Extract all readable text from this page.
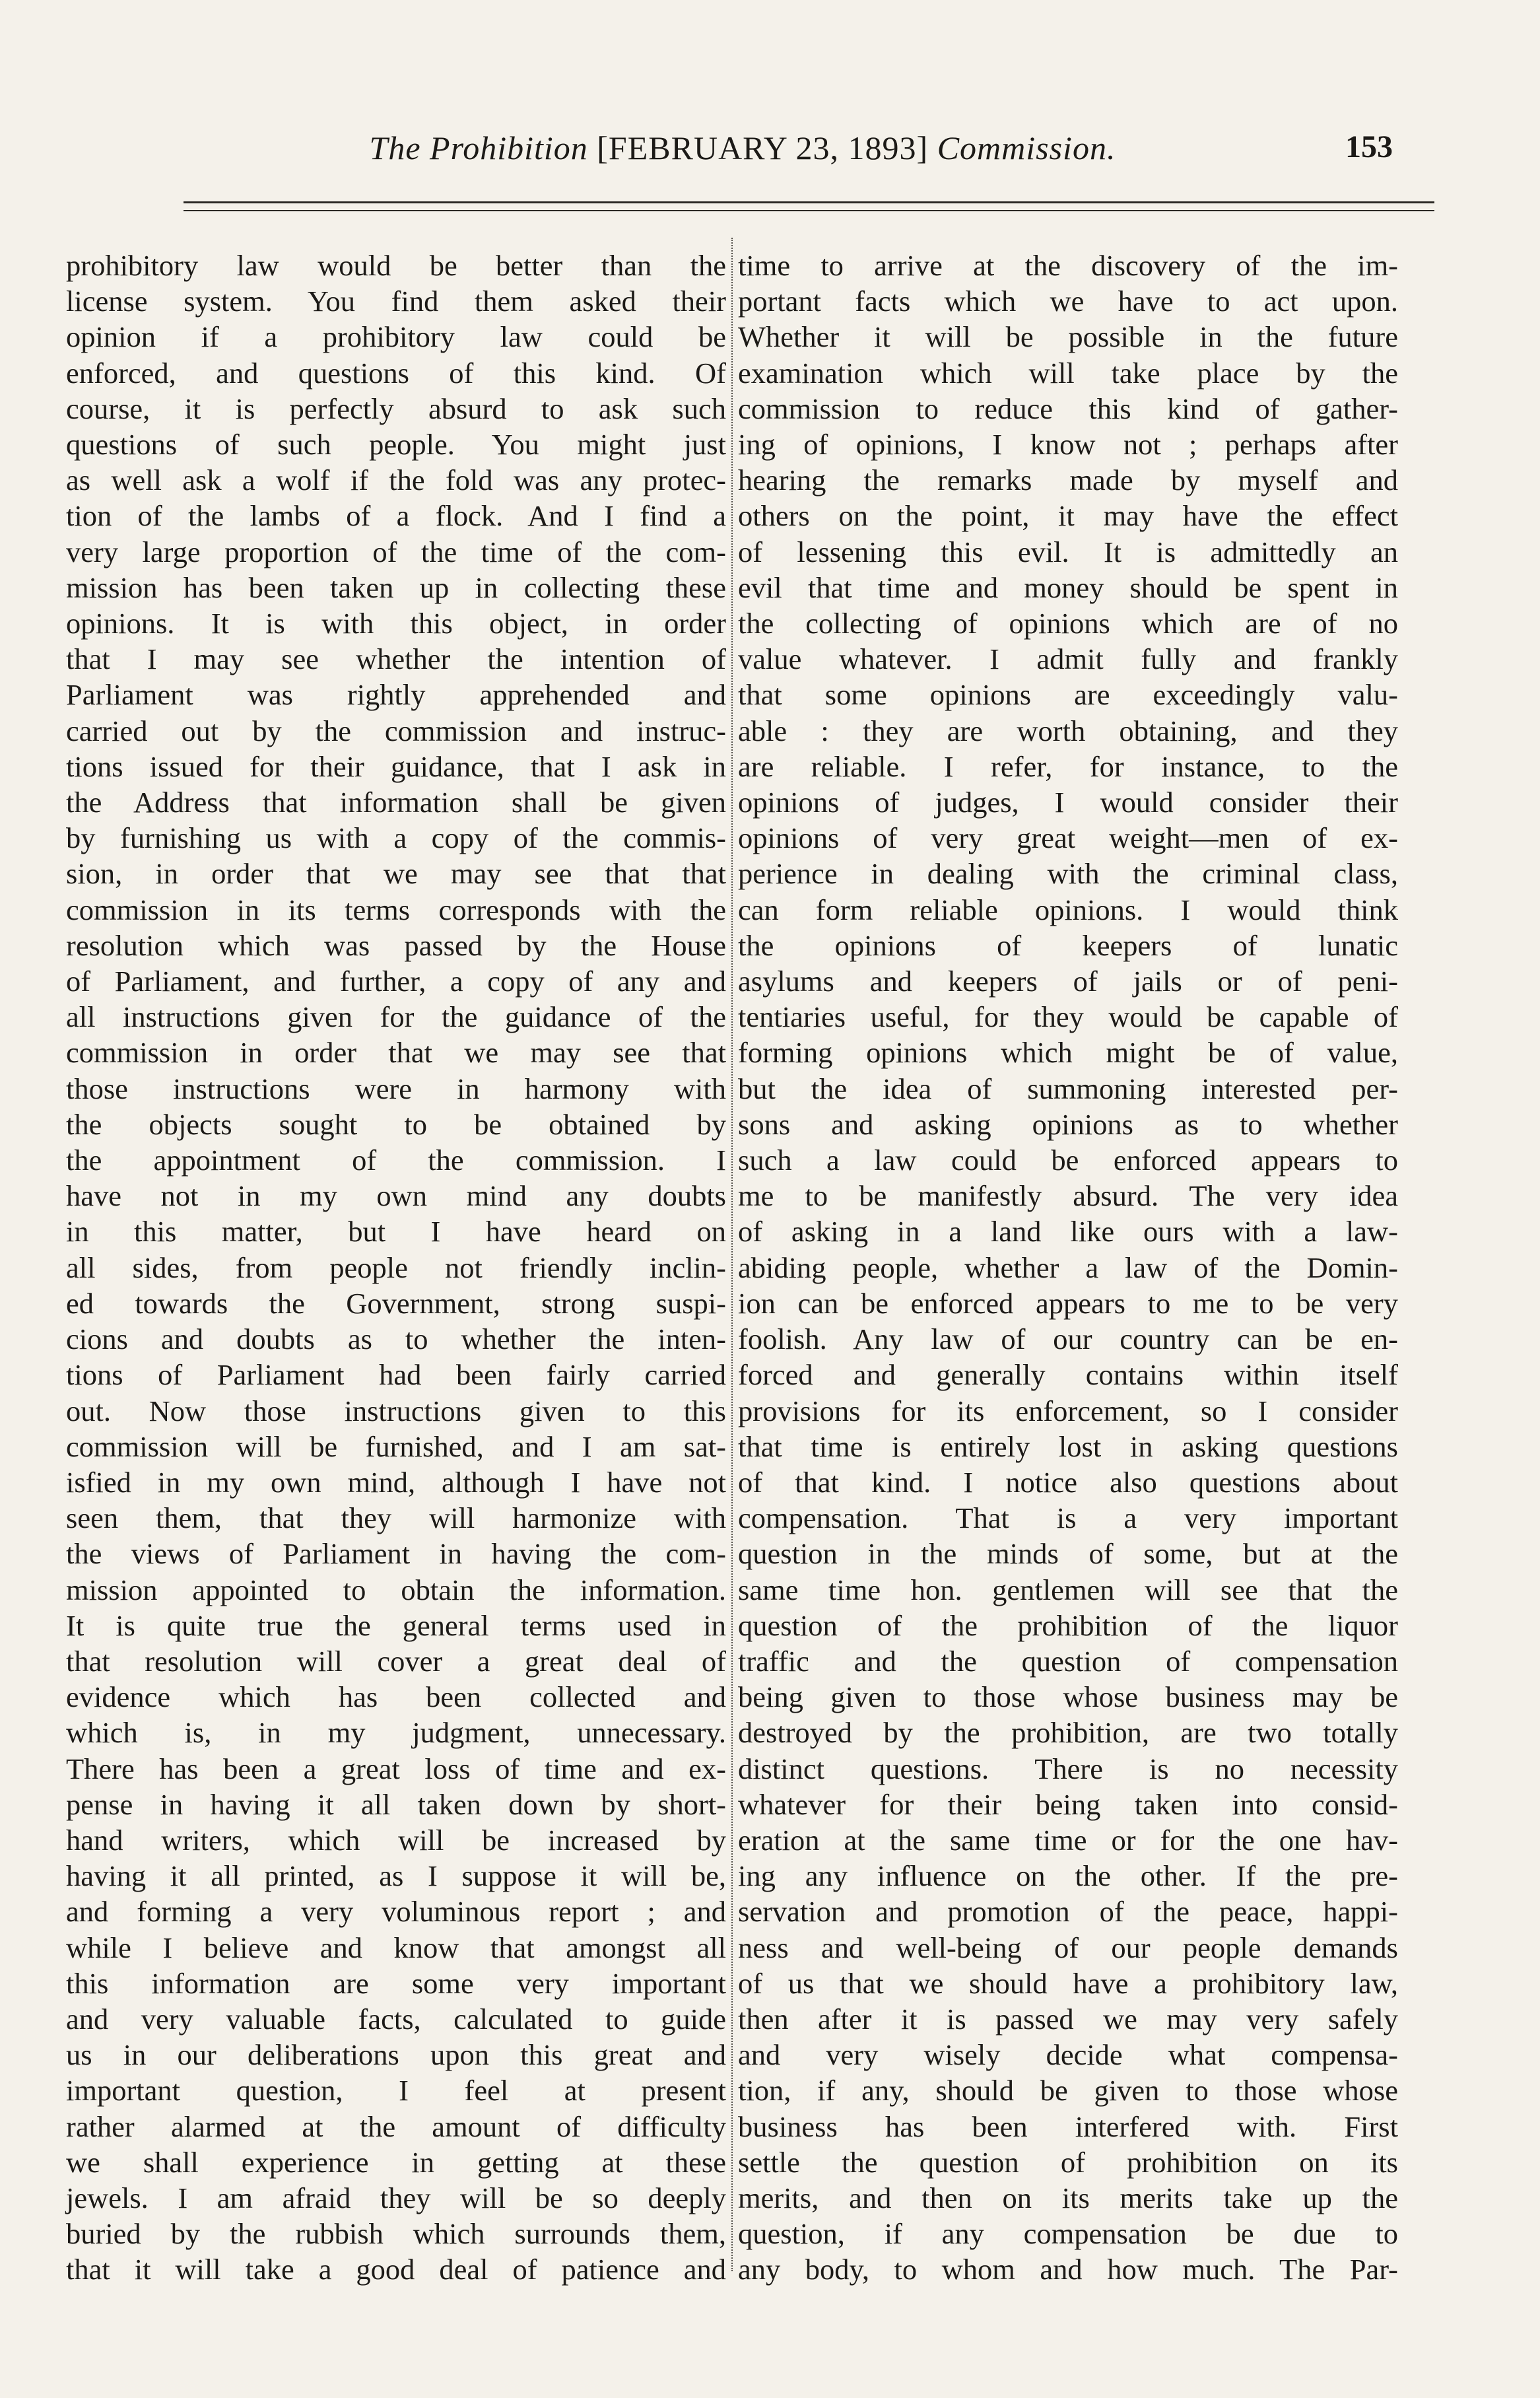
The Prohibition [FEBRUARY 23, 1893] Commission.	153

prohibitory law would be better than the

license system. You find them asked their

opinion if a prohibitory law could be

enforced, and questions of this kind. Of

course, it is perfectly absurd to ask such

questions of such people. You might just

as well ask a wolf if the fold was any protec-

tion of the lambs of a flock. And I find a

very large proportion of the time of the com-

mission has been taken up in collecting these

opinions. It is with this object, in order

that I may see whether the intention of

Parliament was rightly apprehended and

carried out by the commission and instruc-

tions issued for their guidance, that I ask in

the Address that information shall be given

by furnishing us with a copy of the commis-

sion, in order that we may see that that

commission in its terms corresponds with the

resolution which was passed by the House

of Parliament, and further, a copy of any and

all instructions given for the guidance of the

commission in order that we may see that

those instructions were in harmony with

the objects sought to be obtained by

the appointment of the commission. I

have not in my own mind any doubts

in this matter, but I have heard on

all sides, from people not friendly inclin-

ed towards the Government, strong suspi-

cions and doubts as to whether the inten-

tions of Parliament had been fairly carried

out. Now those instructions given to this

commission will be furnished, and I am sat-

isfied in my own mind, although I have not

seen them, that they will harmonize with

the views of Parliament in having the com-

mission appointed to obtain the information.

It is quite true the general terms used in

that resolution will cover a great deal of

evidence which has been collected and

which is, in my judgment, unnecessary.

There has been a great loss of time and ex-

pense in having it all taken down by short-

hand writers, which will be increased by

having it all printed, as I suppose it will be,

and forming a very voluminous report ; and

while I believe and know that amongst all

this information are some very important

and very valuable facts, calculated to guide

us in our deliberations upon this great and

important question, I feel at present

rather alarmed at the amount of difficulty

we shall experience in getting at these

jewels. I am afraid they will be so deeply

buried by the rubbish which surrounds them,

that it will take a good deal of patience and

time to arrive at the discovery of the im-

portant facts which we have to act upon.

Whether it will be possible in the future

examination which will take place by the

commission to reduce this kind of gather-

ing of opinions, I know not ; perhaps after

hearing the remarks made by myself and

others on the point, it may have the effect

of lessening this evil. It is admittedly an

evil that time and money should be spent in

the collecting of opinions which are of no

value whatever. I admit fully and frankly

that some opinions are exceedingly valu-

able : they are worth obtaining, and they

are reliable. I refer, for instance, to the

opinions of judges, I would consider their

opinions of very great weight—men of ex-

perience in dealing with the criminal class,

can form reliable opinions. I would think

the opinions of keepers of lunatic

asylums and keepers of jails or of peni-

tentiaries useful, for they would be capable of

forming opinions which might be of value,

but the idea of summoning interested per-

sons and asking opinions as to whether

such a law could be enforced appears to

me to be manifestly absurd. The very idea

of asking in a land like ours with a law-

abiding people, whether a law of the Domin-

ion can be enforced appears to me to be very

foolish. Any law of our country can be en-

forced and generally contains within itself

provisions for its enforcement, so I consider

that time is entirely lost in asking questions

of that kind. I notice also questions about

compensation. That is a very important

question in the minds of some, but at the

same time hon. gentlemen will see that the

question of the prohibition of the liquor

traffic and the question of compensation

being given to those whose business may be

destroyed by the prohibition, are two totally

distinct questions. There is no necessity

whatever for their being taken into consid-

eration at the same time or for the one hav-

ing any influence on the other. If the pre-

servation and promotion of the peace, happi-

ness and well-being of our people demands

of us that we should have a prohibitory law,

then after it is passed we may very safely

and very wisely decide what compensa-

tion, if any, should be given to those whose

business has been interfered with. First

settle the question of prohibition on its

merits, and then on its merits take up the

question, if any compensation be due to

any body, to whom and how much. The Par-
